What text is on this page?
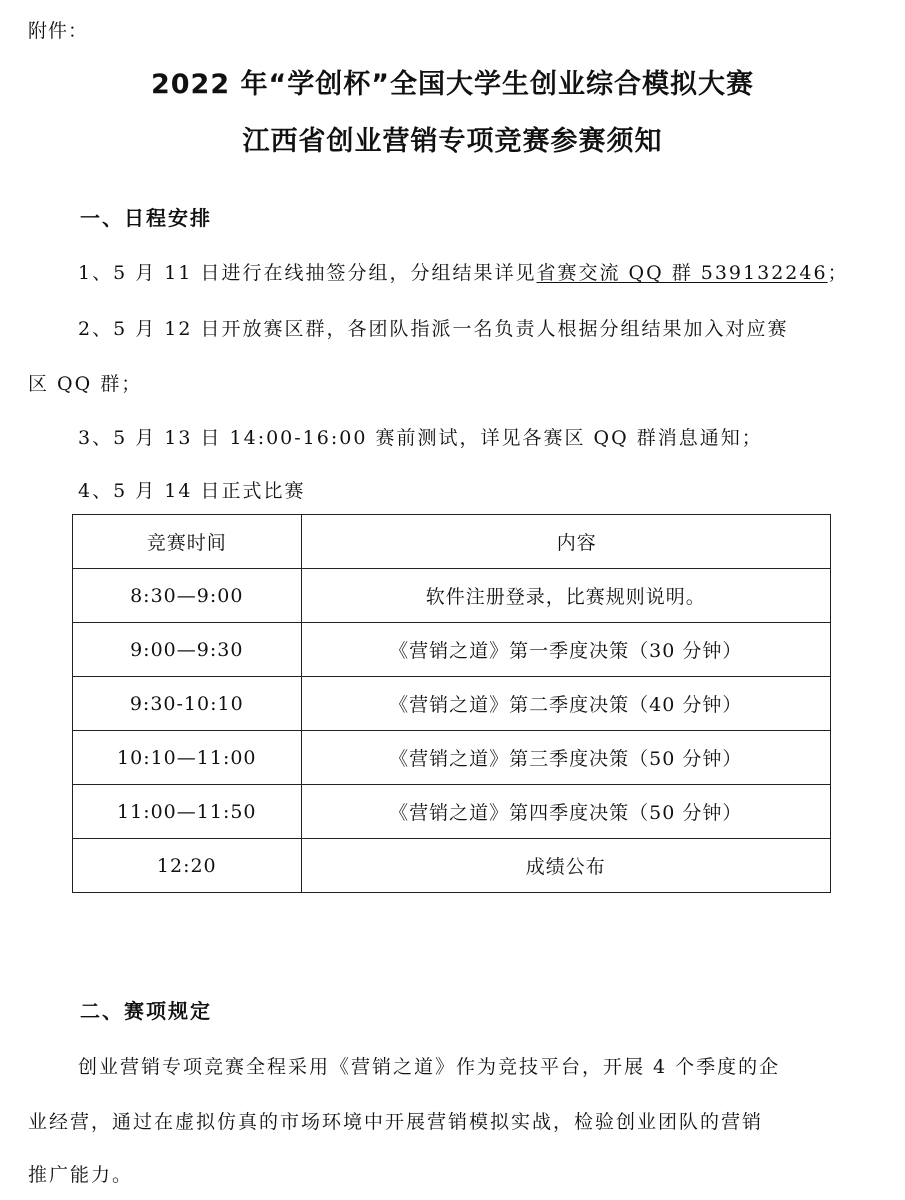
附件：
2022 年“学创杯”全国大学生创业综合模拟大赛
江西省创业营销专项竞赛参赛须知
一、日程安排
1、5 月 11 日进行在线抽签分组，分组结果详见省赛交流 QQ 群 539132246；
2、5 月 12 日开放赛区群，各团队指派一名负责人根据分组结果加入对应赛
区 QQ 群；
3、5 月 13 日 14:00-16:00 赛前测试，详见各赛区 QQ 群消息通知；
4、5 月 14 日正式比赛
竞赛时间	内容
8:30—9:00	软件注册登录，比赛规则说明。
9:00—9:30	《营销之道》第一季度决策（30 分钟）
9:30-10:10	《营销之道》第二季度决策（40 分钟）
10:10—11:00	《营销之道》第三季度决策（50 分钟）
11:00—11:50	《营销之道》第四季度决策（50 分钟）
12:20	成绩公布
二、赛项规定
创业营销专项竞赛全程采用《营销之道》作为竞技平台，开展 4 个季度的企
业经营，通过在虚拟仿真的市场环境中开展营销模拟实战，检验创业团队的营销
推广能力。
